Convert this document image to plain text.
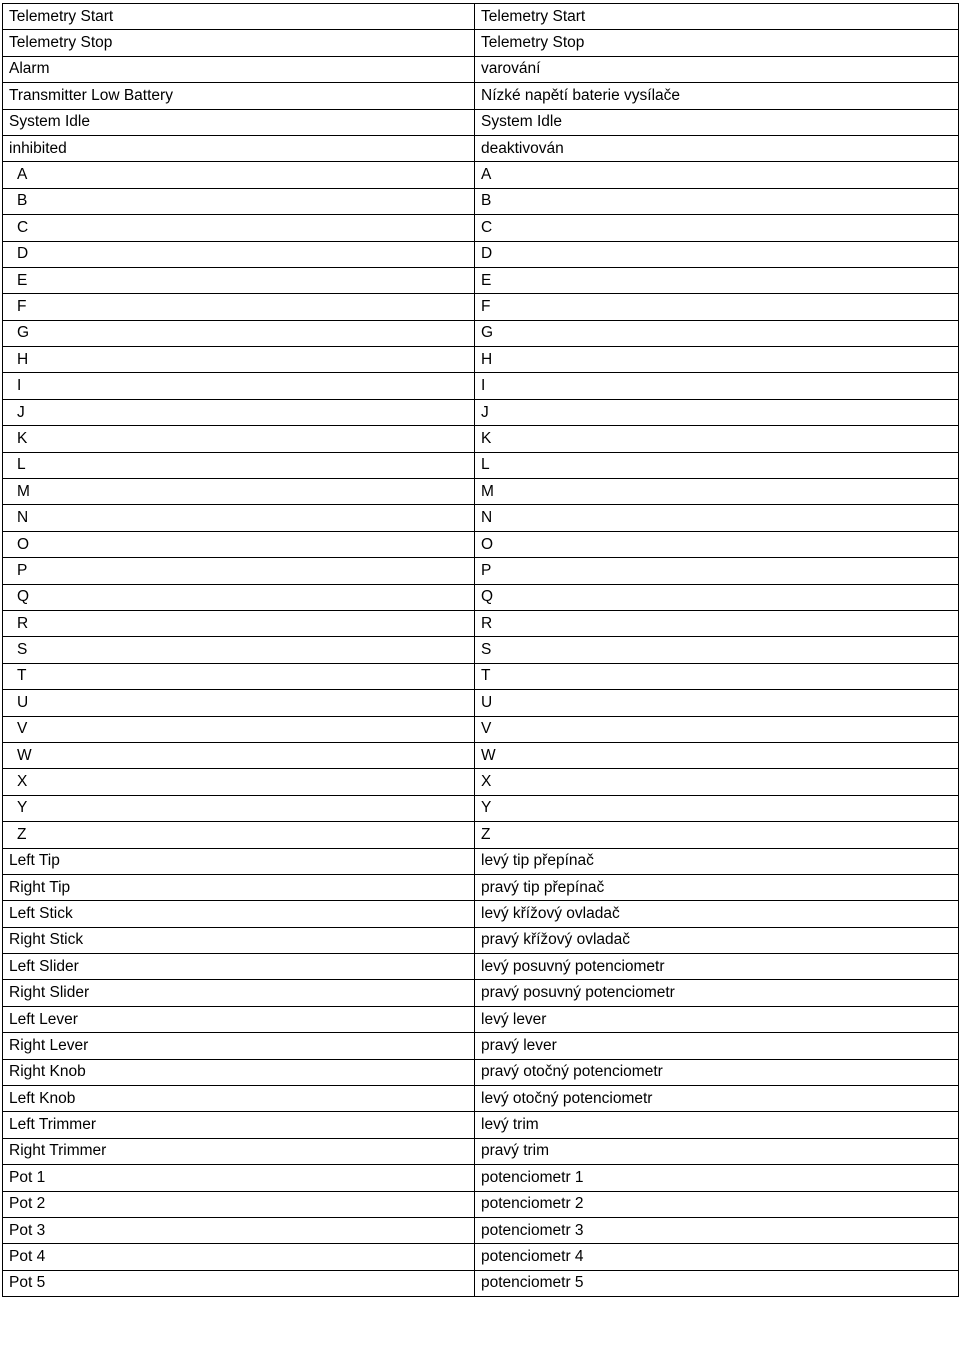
Telemetry Start	Telemetry Start
Telemetry Stop	Telemetry Stop
Alarm	varování
Transmitter Low Battery	Nízké napětí baterie vysílače
System Idle	System Idle
inhibited	deaktivován
A	A
B	B
C	C
D	D
E	E
F	F
G	G
H	H
I	I
J	J
K	K
L	L
M	M
N	N
O	O
P	P
Q	Q
R	R
S	S
T	T
U	U
V	V
W	W
X	X
Y	Y
Z	Z
Left Tip	levý tip přepínač
Right Tip	pravý tip přepínač
Left Stick	levý křížový ovladač
Right Stick	pravý křížový ovladač
Left Slider	levý posuvný potenciometr
Right Slider	pravý posuvný potenciometr
Left Lever	levý lever
Right Lever	pravý lever
Right Knob	pravý otočný potenciometr
Left Knob	levý otočný potenciometr
Left Trimmer	levý trim
Right Trimmer	pravý trim
Pot 1	potenciometr 1
Pot 2	potenciometr 2
Pot 3	potenciometr 3
Pot 4	potenciometr 4
Pot 5	potenciometr 5
